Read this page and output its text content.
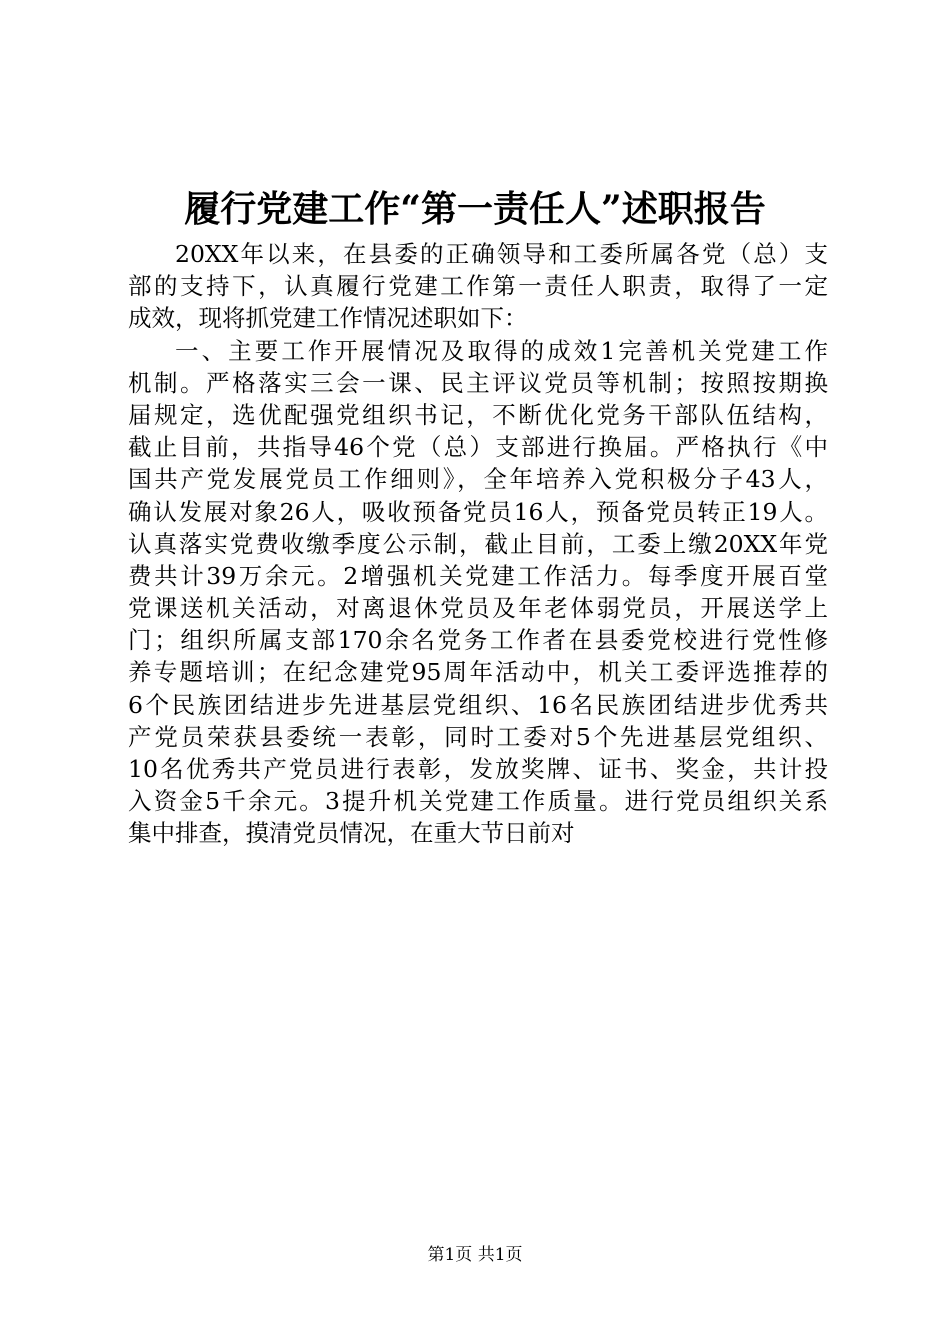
履行党建工作“第一责任人”述职报告
20XX年以来，在县委的正确领导和工委所属各党（总）支
部的支持下，认真履行党建工作第一责任人职责，取得了一定
成效，现将抓党建工作情况述职如下：
一、主要工作开展情况及取得的成效1完善机关党建工作
机制。严格落实三会一课、民主评议党员等机制；按照按期换
届规定，选优配强党组织书记，不断优化党务干部队伍结构，
截止目前，共指导46个党（总）支部进行换届。严格执行《中
国共产党发展党员工作细则》，全年培养入党积极分子43人，
确认发展对象26人，吸收预备党员16人，预备党员转正19人。
认真落实党费收缴季度公示制，截止目前，工委上缴20XX年党
费共计39万余元。2增强机关党建工作活力。每季度开展百堂
党课送机关活动，对离退休党员及年老体弱党员，开展送学上
门；组织所属支部170余名党务工作者在县委党校进行党性修
养专题培训；在纪念建党95周年活动中，机关工委评选推荐的
6个民族团结进步先进基层党组织、16名民族团结进步优秀共
产党员荣获县委统一表彰，同时工委对5个先进基层党组织、
10名优秀共产党员进行表彰，发放奖牌、证书、奖金，共计投
入资金5千余元。3提升机关党建工作质量。进行党员组织关系
集中排查，摸清党员情况，在重大节日前对
第1页 共1页
